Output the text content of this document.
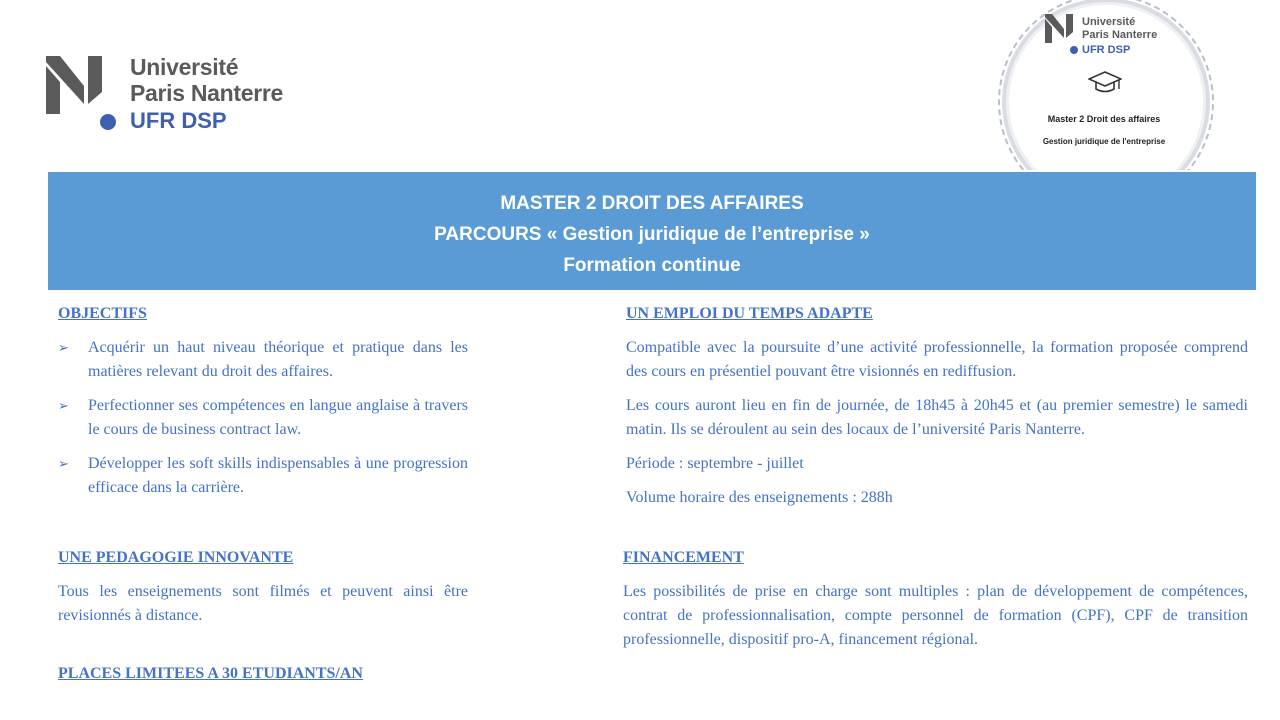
Université
Paris Nanterre
UFR DSP
Université
Paris Nanterre
UFR DSP
Master 2 Droit des affaires
Gestion juridique de l'entreprise
MASTER 2 DROIT DES AFFAIRES
PARCOURS « Gestion juridique de l’entreprise »
Formation continue
OBJECTIFS
➢ Acquérir un haut niveau théorique et pratique dans les matières relevant du droit des affaires.
➢ Perfectionner ses compétences en langue anglaise à travers le cours de business contract law.
➢ Développer les soft skills indispensables à une progression efficace dans la carrière.
UNE PEDAGOGIE INNOVANTE

Tous les enseignements sont filmés et peuvent ainsi être revisionnés à distance.

PLACES LIMITEES A 30 ETUDIANTS/AN
UN EMPLOI DU TEMPS ADAPTE

Compatible avec la poursuite d’une activité professionnelle, la formation proposée comprend des cours en présentiel pouvant être visionnés en rediffusion.

Les cours auront lieu en fin de journée, de 18h45 à 20h45 et (au premier semestre) le samedi matin. Ils se déroulent au sein des locaux de l’université Paris Nanterre.

Période : septembre - juillet

Volume horaire des enseignements : 288h

FINANCEMENT

Les possibilités de prise en charge sont multiples : plan de développement de compétences, contrat de professionnalisation, compte personnel de formation (CPF), CPF de transition professionnelle, dispositif pro-A, financement régional.
